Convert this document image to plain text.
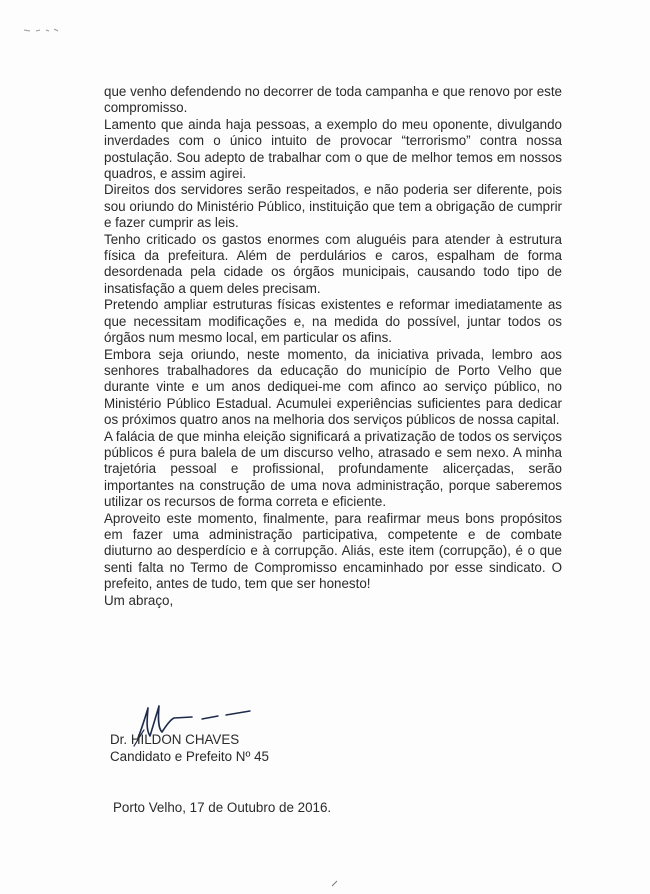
que venho defendendo no decorrer de toda campanha e que renovo por este compromisso.

Lamento que ainda haja pessoas, a exemplo do meu oponente, divulgando inverdades com o único intuito de provocar “terrorismo” contra nossa postulação. Sou adepto de trabalhar com o que de melhor temos em nossos quadros, e assim agirei.

Direitos dos servidores serão respeitados, e não poderia ser diferente, pois sou oriundo do Ministério Público, instituição que tem a obrigação de cumprir e fazer cumprir as leis.

Tenho criticado os gastos enormes com aluguéis para atender à estrutura física da prefeitura. Além de perdulários e caros, espalham de forma desordenada pela cidade os órgãos municipais, causando todo tipo de insatisfação a quem deles precisam.

Pretendo ampliar estruturas físicas existentes e reformar imediatamente as que necessitam modificações e, na medida do possível, juntar todos os órgãos num mesmo local, em particular os afins.

Embora seja oriundo, neste momento, da iniciativa privada, lembro aos senhores trabalhadores da educação do município de Porto Velho que durante vinte e um anos dediquei-me com afinco ao serviço público, no Ministério Público Estadual. Acumulei experiências suficientes para dedicar os próximos quatro anos na melhoria dos serviços públicos de nossa capital.

A falácia de que minha eleição significará a privatização de todos os serviços públicos é pura balela de um discurso velho, atrasado e sem nexo. A minha trajetória pessoal e profissional, profundamente alicerçadas, serão importantes na construção de uma nova administração, porque saberemos utilizar os recursos de forma correta e eficiente.

Aproveito este momento, finalmente, para reafirmar meus bons propósitos em fazer uma administração participativa, competente e de combate diuturno ao desperdício e à corrupção. Aliás, este item (corrupção), é o que senti falta no Termo de Compromisso encaminhado por esse sindicato. O prefeito, antes de tudo, tem que ser honesto!

Um abraço,

Dr. HILDON CHAVES
Candidato e Prefeito Nº 45
Porto Velho, 17 de Outubro de 2016.
